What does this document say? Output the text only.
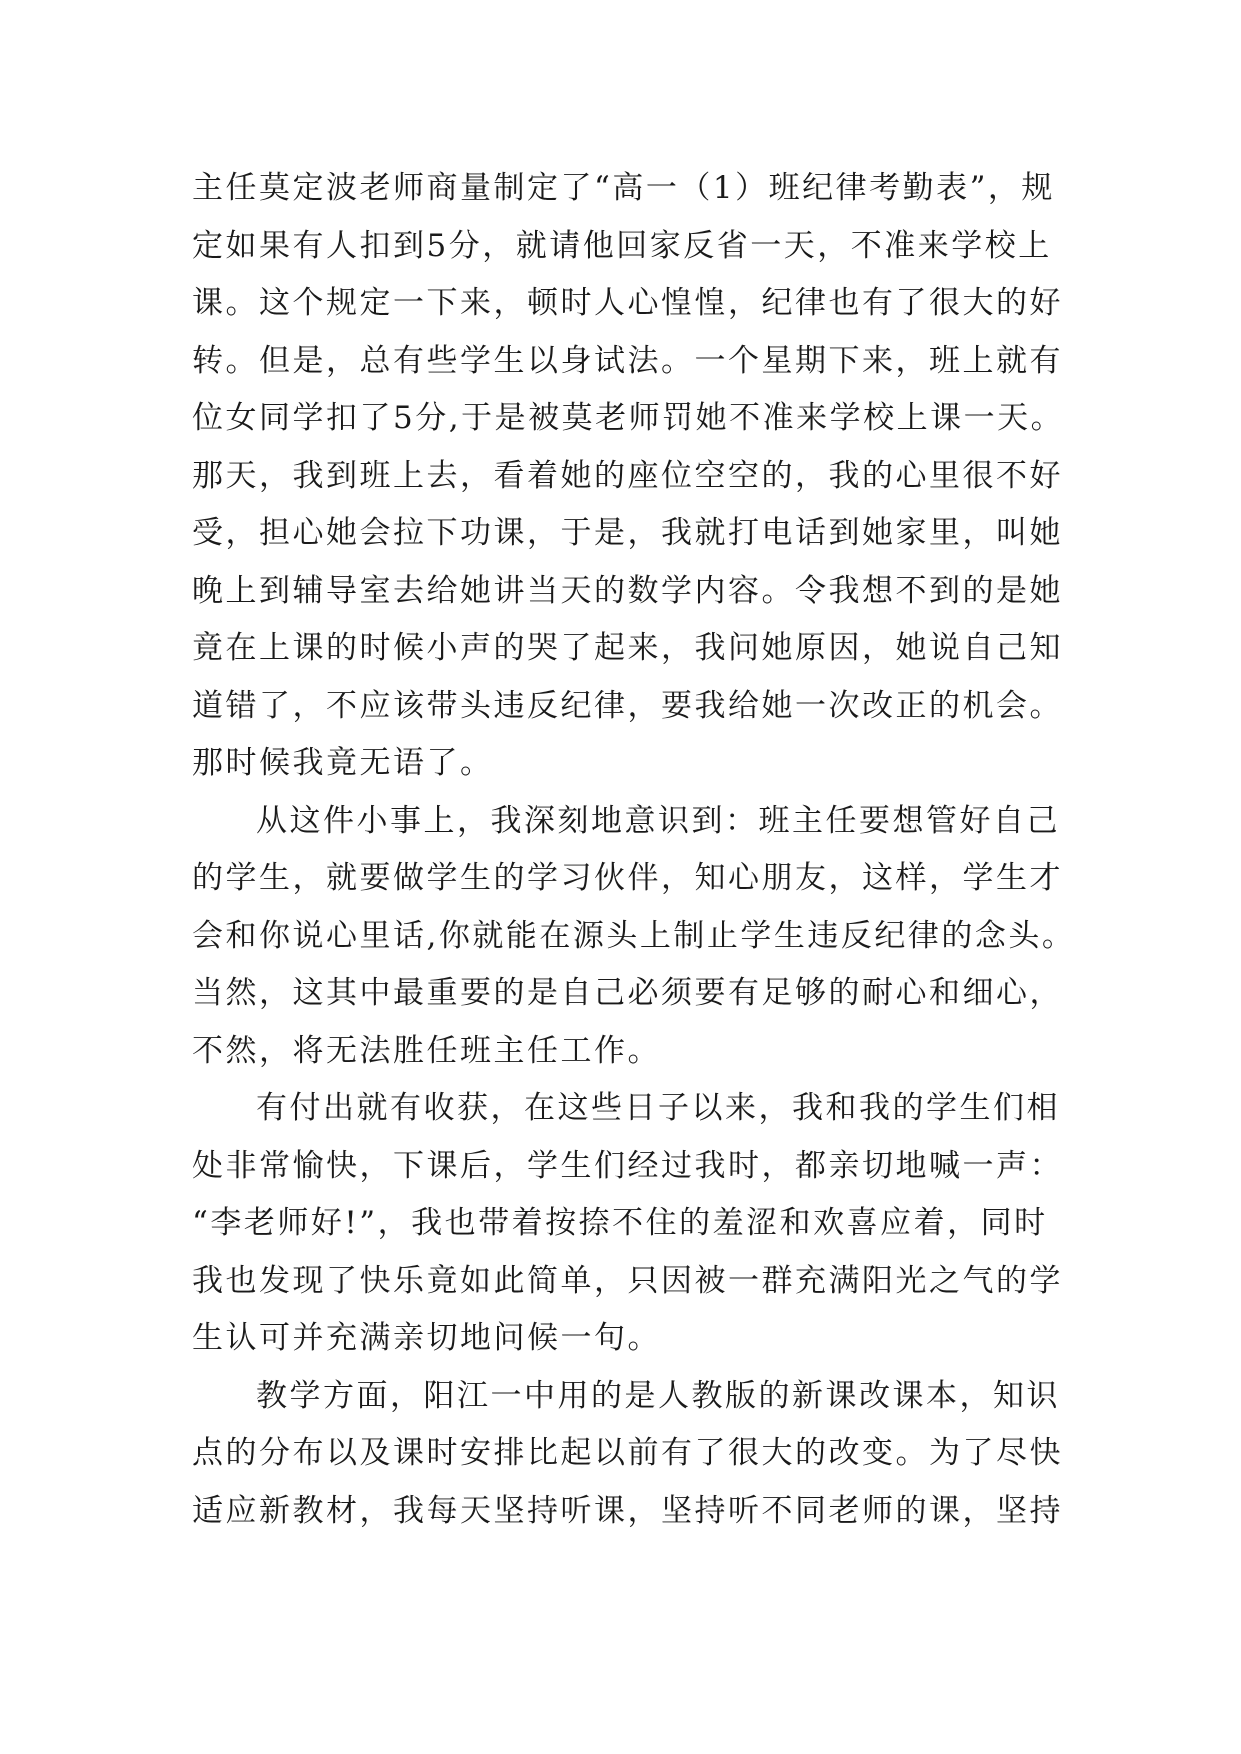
主任莫定波老师商量制定了“高一（1）班纪律考勤表”，规
定如果有人扣到5分，就请他回家反省一天，不准来学校上
课。这个规定一下来，顿时人心惶惶，纪律也有了很大的好
转。但是，总有些学生以身试法。一个星期下来，班上就有
位女同学扣了5分,于是被莫老师罚她不准来学校上课一天。
那天，我到班上去，看着她的座位空空的，我的心里很不好
受，担心她会拉下功课，于是，我就打电话到她家里，叫她
晚上到辅导室去给她讲当天的数学内容。令我想不到的是她
竟在上课的时候小声的哭了起来，我问她原因，她说自己知
道错了，不应该带头违反纪律，要我给她一次改正的机会。
那时候我竟无语了。
从这件小事上，我深刻地意识到：班主任要想管好自己
的学生，就要做学生的学习伙伴，知心朋友，这样，学生才
会和你说心里话,你就能在源头上制止学生违反纪律的念头。
当然，这其中最重要的是自己必须要有足够的耐心和细心，
不然，将无法胜任班主任工作。
有付出就有收获，在这些日子以来，我和我的学生们相
处非常愉快，下课后，学生们经过我时，都亲切地喊一声：
“李老师好!”，我也带着按捺不住的羞涩和欢喜应着，同时
我也发现了快乐竟如此简单，只因被一群充满阳光之气的学
生认可并充满亲切地问候一句。
教学方面，阳江一中用的是人教版的新课改课本，知识
点的分布以及课时安排比起以前有了很大的改变。为了尽快
适应新教材，我每天坚持听课，坚持听不同老师的课，坚持
